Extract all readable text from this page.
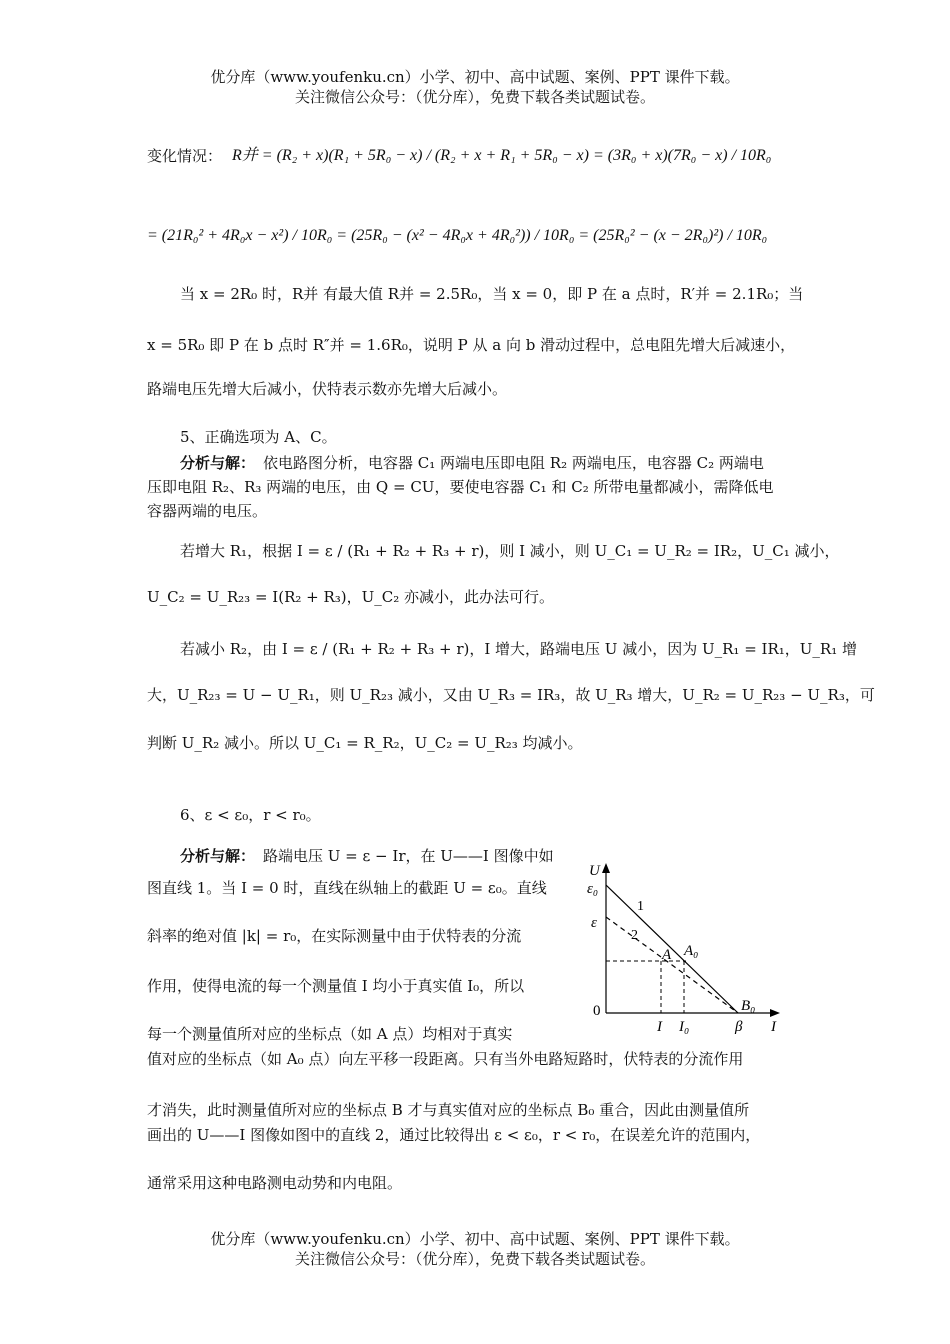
优分库（www.youfenku.cn）小学、初中、高中试题、案例、PPT 课件下载。
关注微信公众号：（优分库），免费下载各类试题试卷。
变化情况： R并 = (R₂ + x)(R₁ + 5R₀ − x) / (R₂ + x + R₁ + 5R₀ − x) = (3R₀ + x)(7R₀ − x) / 10R₀
= (21R₀² + 4R₀x − x²) / 10R₀ = (25R₀ − (x² − 4R₀x + 4R₀²)) / 10R₀ = (25R₀² − (x − 2R₀)²) / 10R₀
当 x = 2R₀ 时，R并 有最大值 R并 = 2.5R₀，当 x = 0，即 P 在 a 点时，R′并 = 2.1R₀；当
x = 5R₀ 即 P 在 b 点时 R″并 = 1.6R₀，说明 P 从 a 向 b 滑动过程中，总电阻先增大后减速小，
路端电压先增大后减小，伏特表示数亦先增大后减小。
5、正确选项为 A、C。
分析与解： 依电路图分析，电容器 C₁ 两端电压即电阻 R₂ 两端电压，电容器 C₂ 两端电
压即电阻 R₂、R₃ 两端的电压，由 Q = CU，要使电容器 C₁ 和 C₂ 所带电量都减小，需降低电
容器两端的电压。
若增大 R₁，根据 I = ε / (R₁ + R₂ + R₃ + r)，则 I 减小，则 U_C₁ = U_R₂ = IR₂，U_C₁ 减小，
U_C₂ = U_R₂₃ = I(R₂ + R₃)，U_C₂ 亦减小，此办法可行。
若减小 R₂，由 I = ε / (R₁ + R₂ + R₃ + r)，I 增大，路端电压 U 减小，因为 U_R₁ = IR₁，U_R₁ 增
大，U_R₂₃ = U − U_R₁，则 U_R₂₃ 减小，又由 U_R₃ = IR₃，故 U_R₃ 增大，U_R₂ = U_R₂₃ − U_R₃，可
判断 U_R₂ 减小。所以 U_C₁ = R_R₂，U_C₂ = U_R₂₃ 均减小。
6、ε < ε₀，r < r₀。
分析与解： 路端电压 U = ε − Ir，在 U——I 图像中如
图直线 1。当 I = 0 时，直线在纵轴上的截距 U = ε₀。直线
斜率的绝对值 |k| = r₀，在实际测量中由于伏特表的分流
作用，使得电流的每一个测量值 I 均小于真实值 I₀，所以
每一个测量值所对应的坐标点（如 A 点）均相对于真实
值对应的坐标点（如 A₀ 点）向左平移一段距离。只有当外电路短路时，伏特表的分流作用
才消失，此时测量值所对应的坐标点 B 才与真实值对应的坐标点 B₀ 重合，因此由测量值所
画出的 U——I 图像如图中的直线 2，通过比较得出 ε < ε₀，r < r₀，在误差允许的范围内，
通常采用这种电路测电动势和内电阻。
U
I
0
ε₀
ε
1
2
A A₀
B₀
I I₀	β
优分库（www.youfenku.cn）小学、初中、高中试题、案例、PPT 课件下载。
关注微信公众号：（优分库），免费下载各类试题试卷。
